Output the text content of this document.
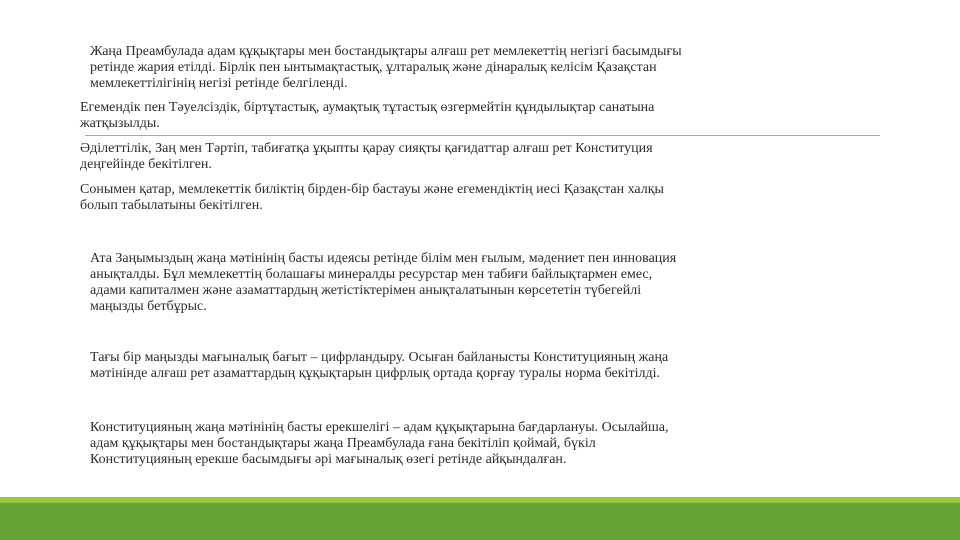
Жаңа Преамбулада адам құқықтары мен бостандықтары алғаш рет мемлекеттің негізгі басымдығы
ретінде жария етілді. Бірлік пен ынтымақтастық, ұлтаралық және дінаралық келісім Қазақстан
мемлекеттілігінің негізі ретінде белгіленді.
Егемендік пен Тәуелсіздік, біртұтастық, аумақтық тұтастық өзгермейтін құндылықтар санатына
жатқызылды.
Әділеттілік, Заң мен Тәртіп, табиғатқа ұқыпты қарау сияқты қағидаттар алғаш рет Конституция
деңгейінде бекітілген.
Сонымен қатар, мемлекеттік биліктің бірден-бір бастауы және егемендіктің иесі Қазақстан халқы
болып табылатыны бекітілген.
Ата Заңымыздың жаңа мәтінінің басты идеясы ретінде білім мен ғылым, мәдениет пен инновация
анықталды. Бұл мемлекеттің болашағы минералды ресурстар мен табиғи байлықтармен емес,
адами капиталмен және азаматтардың жетістіктерімен анықталатынын көрсететін түбегейлі
маңызды бетбұрыс.
Тағы бір маңызды мағыналық бағыт – цифрландыру. Осыған байланысты Конституцияның жаңа
мәтінінде алғаш рет азаматтардың құқықтарын цифрлық ортада қорғау туралы норма бекітілді.
Конституцияның жаңа мәтінінің басты ерекшелігі – адам құқықтарына бағдарлануы. Осылайша,
адам құқықтары мен бостандықтары жаңа Преамбулада ғана бекітіліп қоймай, бүкіл
Конституцияның ерекше басымдығы әрі мағыналық өзегі ретінде айқындалған.
